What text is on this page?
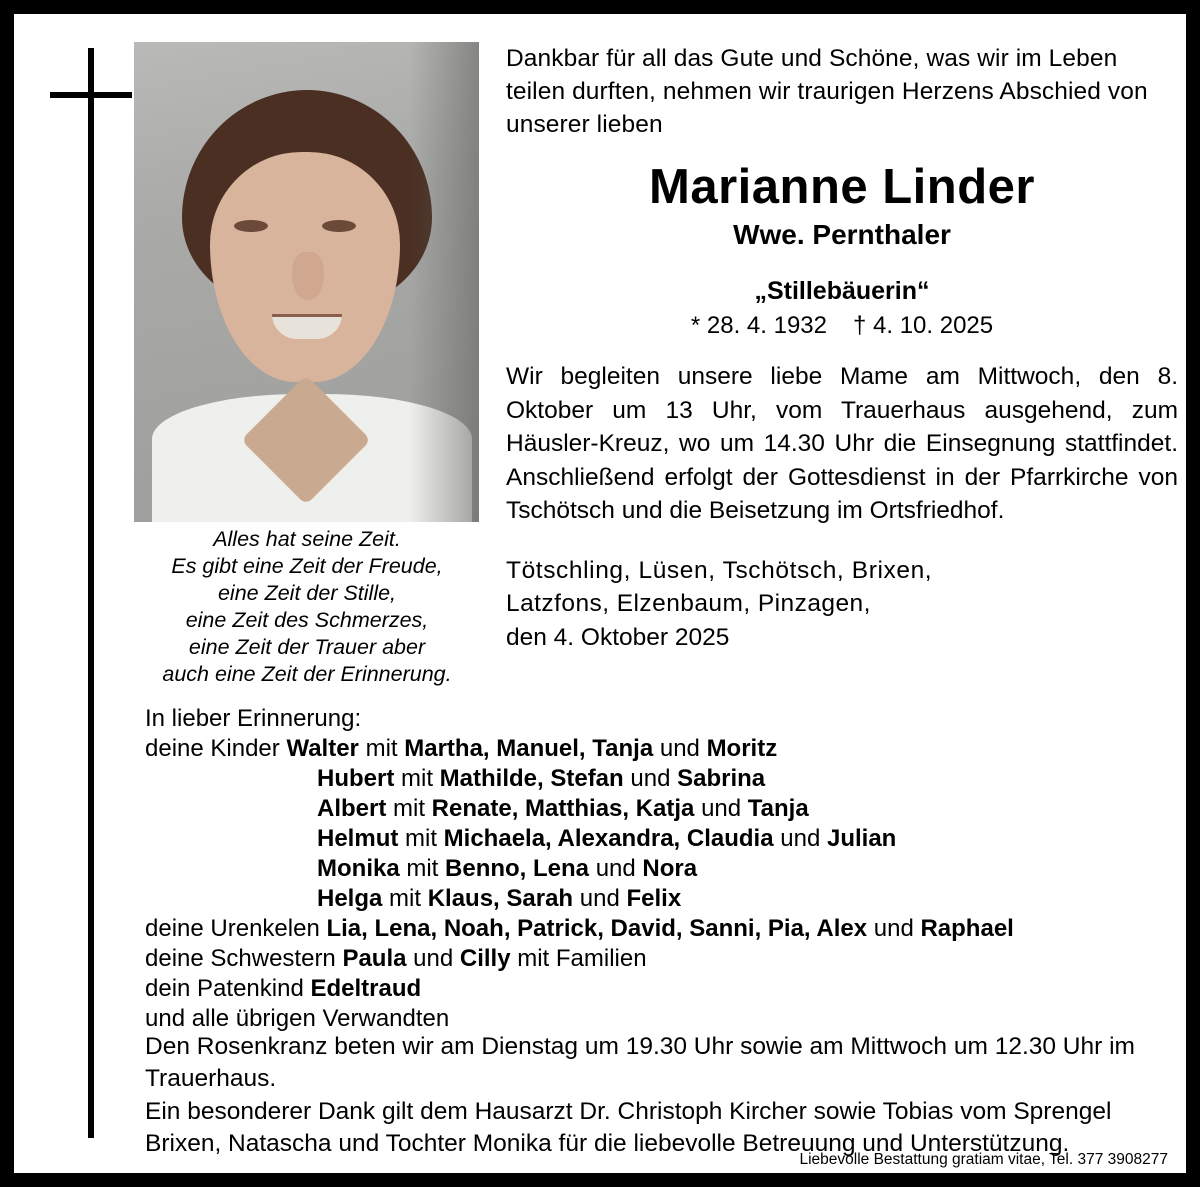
Alles hat seine Zeit.
Es gibt eine Zeit der Freude,
eine Zeit der Stille,
eine Zeit des Schmerzes,
eine Zeit der Trauer aber
auch eine Zeit der Erinnerung.
Dankbar für all das Gute und Schöne, was wir im Leben teilen durften, nehmen wir traurigen Herzens Abschied von unserer lieben
Marianne Linder
Wwe. Pernthaler
„Stillebäuerin“
* 28. 4. 1932 † 4. 10. 2025
Wir begleiten unsere liebe Mame am Mittwoch, den 8. Oktober um 13 Uhr, vom Trauerhaus ausgehend, zum Häusler-Kreuz, wo um 14.30 Uhr die Einsegnung stattfindet. Anschließend erfolgt der Gottesdienst in der Pfarrkirche von Tschötsch und die Beisetzung im Ortsfriedhof.
Tötschling, Lüsen, Tschötsch, Brixen,
Latzfons, Elzenbaum, Pinzagen,
den 4. Oktober 2025
In lieber Erinnerung:
deine Kinder Walter mit Martha, Manuel, Tanja und Moritz
Hubert mit Mathilde, Stefan und Sabrina
Albert mit Renate, Matthias, Katja und Tanja
Helmut mit Michaela, Alexandra, Claudia und Julian
Monika mit Benno, Lena und Nora
Helga mit Klaus, Sarah und Felix
deine Urenkelen Lia, Lena, Noah, Patrick, David, Sanni, Pia, Alex und Raphael
deine Schwestern Paula und Cilly mit Familien
dein Patenkind Edeltraud
und alle übrigen Verwandten
Den Rosenkranz beten wir am Dienstag um 19.30 Uhr sowie am Mittwoch um 12.30 Uhr im Trauerhaus.
Ein besonderer Dank gilt dem Hausarzt Dr. Christoph Kircher sowie Tobias vom Sprengel Brixen, Natascha und Tochter Monika für die liebevolle Betreuung und Unterstützung.
Liebevolle Bestattung gratiam vitae, Tel. 377 3908277
